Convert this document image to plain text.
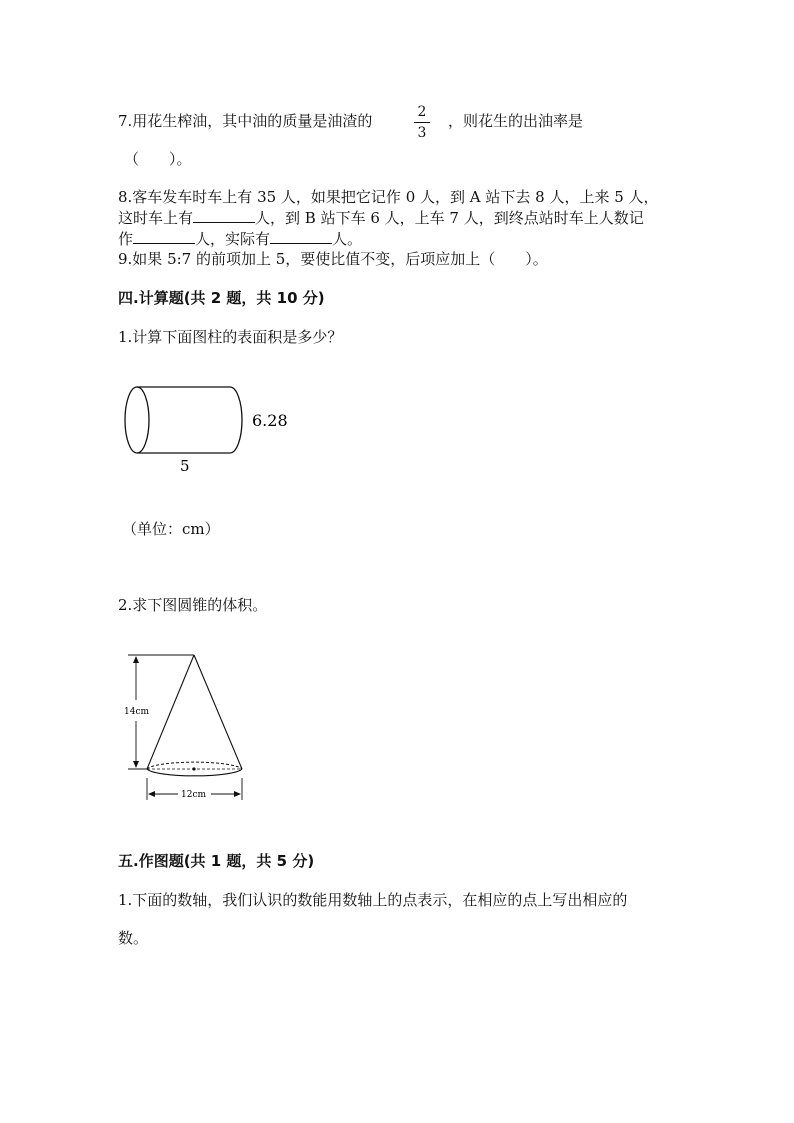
7.用花生榨油，其中油的质量是油渣的	2
3
，则花生的出油率是
（　　）。
8.客车发车时车上有 35 人，如果把它记作 0 人，到 A 站下去 8 人，上来 5 人，
这时车上有	人，到 B 站下车 6 人，上车 7 人，到终点站时车上人数记
作	人，实际有	人。
9.如果 5:7 的前项加上 5，要使比值不变，后项应加上（　　）。
四.计算题(共 2 题，共 10 分)
1.计算下面图柱的表面积是多少？
6.28
5
（单位：cm）
2.求下图圆锥的体积。
14cm
12cm
五.作图题(共 1 题，共 5 分)
1.下面的数轴，我们认识的数能用数轴上的点表示，在相应的点上写出相应的
数。
